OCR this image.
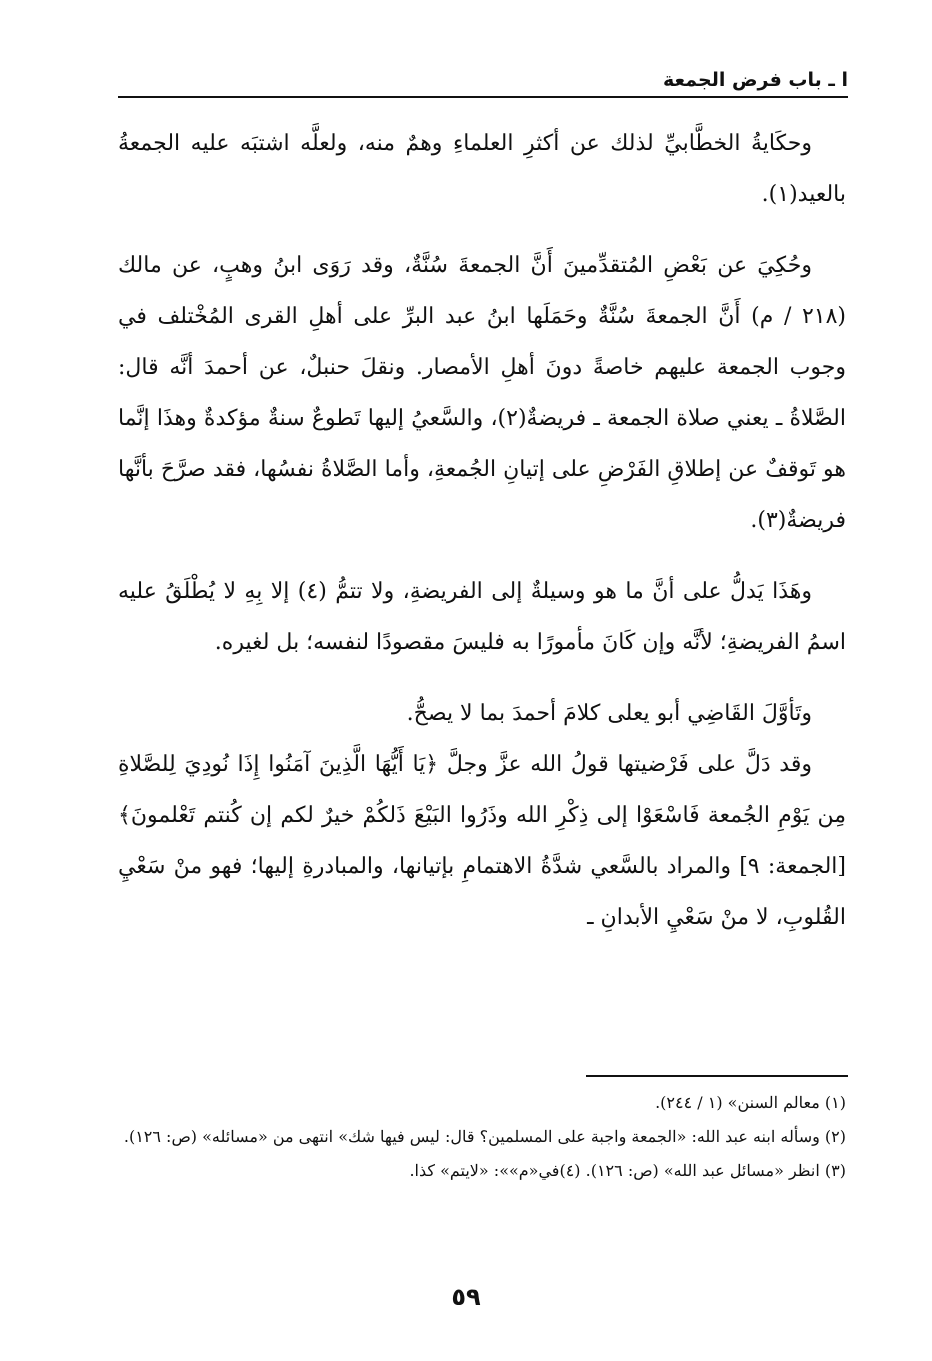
ا ـ باب فرض الجمعة

وحكَايةُ الخطَّابيِّ لذلك عن أكثرِ العلماءِ وهمٌ منه، ولعلَّه اشتبَه عليه الجمعةُ بالعيد(١).

وحُكِيَ عن بَعْضِ المُتقدِّمينَ أَنَّ الجمعةَ سُنَّةٌ، وقد رَوَى ابنُ وهبٍ، عن مالك (٢١٨ / م) أَنَّ الجمعةَ سُنَّةٌ وحَمَلَها ابنُ عبد البرِّ على أهلِ القرى المُخْتلف في وجوب الجمعة عليهم خاصةً دونَ أهلِ الأمصار. ونقلَ حنبلٌ، عن أحمدَ أنَّه قال: الصَّلاةُ ـ يعني صلاة الجمعة ـ فريضةٌ(٢)، والسَّعيُ إليها تَطوعٌ سنةٌ مؤكدةٌ وهذَا إنَّما هو تَوقفٌ عن إطلاقِ الفَرْضِ على إتيانِ الجُمعةِ، وأما الصَّلاةُ نفسُها، فقد صرَّحَ بأنَّها فريضةٌ(٣).

وهَذَا يَدلُّ على أنَّ ما هو وسيلةٌ إلى الفريضةِ، ولا تتمُّ (٤) إلا بِهِ لا يُطْلَقُ عليه اسمُ الفريضةِ؛ لأنَّه وإن كَانَ مأمورًا به فليسَ مقصودًا لنفسه؛ بل لغيره.

وتَأوَّلَ القَاضِي أبو يعلى كلامَ أحمدَ بما لا يصحُّ.

وقد دَلَّ على فَرْضيتها قولُ الله عزَّ وجلَّ ﴿يَا أَيُّهَا الَّذِينَ آمَنُوا إِذَا نُودِيَ لِلصَّلاةِ مِن يَوْمِ الجُمعة فَاسْعَوْا إلى ذِكْرِ الله وذَرُوا البَيْعَ ذَلكُمْ خيرٌ لكم إن كُنتم تَعْلمونَ﴾ [الجمعة: ٩] والمراد بالسَّعي شدَّةُ الاهتمامِ بإتيانها، والمبادرةِ إليها؛ فهو منْ سَعْيِ القُلوبِ، لا منْ سَعْيِ الأبدانِ ـ

(١) معالم السنن» (١ / ٢٤٤).
(٢) وسأله ابنه عبد الله: «الجمعة واجبة على المسلمين؟ قال: ليس فيها شك» انتهى من «مسائله» (ص: ١٢٦).
(٣) انظر «مسائل عبد الله» (ص: ١٢٦). (٤)في«م»»: «لايتم» كذا.
٥٩
